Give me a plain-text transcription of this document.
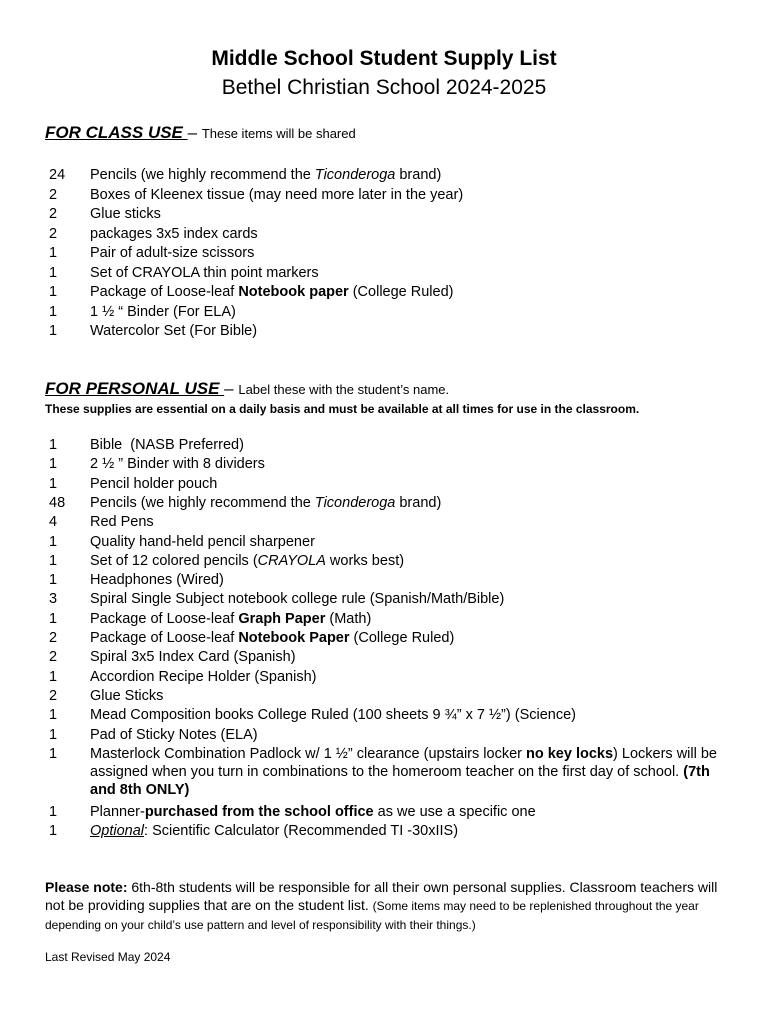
Middle School Student Supply List
Bethel Christian School 2024-2025
FOR CLASS USE – These items will be shared
24	Pencils (we highly recommend the Ticonderoga brand)
2	Boxes of Kleenex tissue (may need more later in the year)
2	Glue sticks
2	packages 3x5 index cards
1	Pair of adult-size scissors
1	Set of CRAYOLA thin point markers
1	Package of Loose-leaf Notebook paper (College Ruled)
1	1 ½ “ Binder (For ELA)
1	Watercolor Set (For Bible)
FOR PERSONAL USE – Label these with the student’s name.
These supplies are essential on a daily basis and must be available at all times for use in the classroom.
1	Bible  (NASB Preferred)
1	2 ½ ” Binder with 8 dividers
1	Pencil holder pouch
48	Pencils (we highly recommend the Ticonderoga brand)
4	Red Pens
1	Quality hand-held pencil sharpener
1	Set of 12 colored pencils (CRAYOLA works best)
1	Headphones (Wired)
3	Spiral Single Subject notebook college rule (Spanish/Math/Bible)
1	Package of Loose-leaf Graph Paper (Math)
2	Package of Loose-leaf Notebook Paper (College Ruled)
2	Spiral 3x5 Index Card (Spanish)
1	Accordion Recipe Holder (Spanish)
2	Glue Sticks
1	Mead Composition books College Ruled (100 sheets 9 ¾” x 7 ½”) (Science)
1	Pad of Sticky Notes (ELA)
1	Masterlock Combination Padlock w/ 1 ½” clearance (upstairs locker no key locks) Lockers will be assigned when you turn in combinations to the homeroom teacher on the first day of school. (7th and 8th ONLY)
1	Planner-purchased from the school office as we use a specific one
1	Optional: Scientific Calculator (Recommended TI -30xIIS)
Please note: 6th-8th students will be responsible for all their own personal supplies. Classroom teachers will not be providing supplies that are on the student list. (Some items may need to be replenished throughout the year depending on your child’s use pattern and level of responsibility with their things.)
Last Revised May 2024
